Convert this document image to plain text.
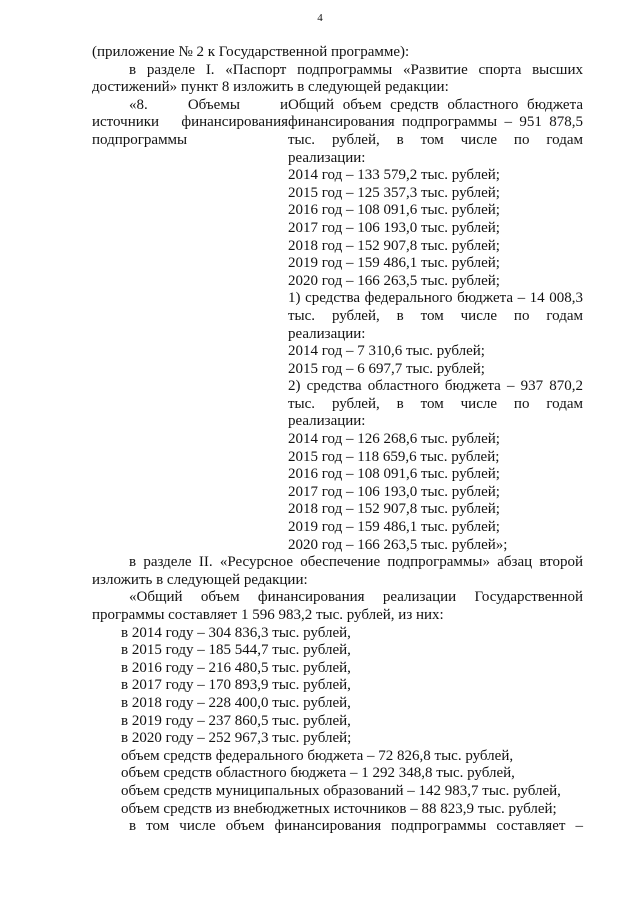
4

(приложение № 2 к Государственной программе):

в разделе I. «Паспорт подпрограммы «Развитие спорта высших достижений» пункт 8 изложить в следующей редакции:

«8. Объемы и

источники финансирования подпрограммы

Общий объем средств областного бюджета финансирования подпрограммы – 951 878,5 тыс. рублей, в том числе по годам реализации:

2014 год – 133 579,2 тыс. рублей;

2015 год – 125 357,3 тыс. рублей;

2016 год – 108 091,6 тыс. рублей;

2017 год – 106 193,0 тыс. рублей;

2018 год – 152 907,8 тыс. рублей;

2019 год – 159 486,1 тыс. рублей;

2020 год – 166 263,5 тыс. рублей;

1) средства федерального бюджета – 14 008,3 тыс. рублей, в том числе по годам реализации:

2014 год – 7 310,6 тыс. рублей;

2015 год – 6 697,7 тыс. рублей;

2) средства областного бюджета – 937 870,2 тыс. рублей, в том числе по годам реализации:

2014 год – 126 268,6 тыс. рублей;

2015 год – 118 659,6 тыс. рублей;

2016 год – 108 091,6 тыс. рублей;

2017 год – 106 193,0 тыс. рублей;

2018 год – 152 907,8 тыс. рублей;

2019 год – 159 486,1 тыс. рублей;

2020 год – 166 263,5 тыс. рублей»;

в разделе II. «Ресурсное обеспечение подпрограммы» абзац второй изложить в следующей редакции:

«Общий объем финансирования реализации Государственной программы составляет 1 596 983,2 тыс. рублей, из них:

в 2014 году – 304 836,3 тыс. рублей,

в 2015 году – 185 544,7 тыс. рублей,

в 2016 году – 216 480,5 тыс. рублей,

в 2017 году – 170 893,9 тыс. рублей,

в 2018 году – 228 400,0 тыс. рублей,

в 2019 году – 237 860,5 тыс. рублей,

в 2020 году – 252 967,3 тыс. рублей;

объем средств федерального бюджета – 72 826,8 тыс. рублей,

объем средств областного бюджета – 1 292 348,8 тыс. рублей,

объем средств муниципальных образований – 142 983,7 тыс. рублей,

объем средств из внебюджетных источников – 88 823,9 тыс. рублей;

в том числе объем финансирования подпрограммы составляет –
